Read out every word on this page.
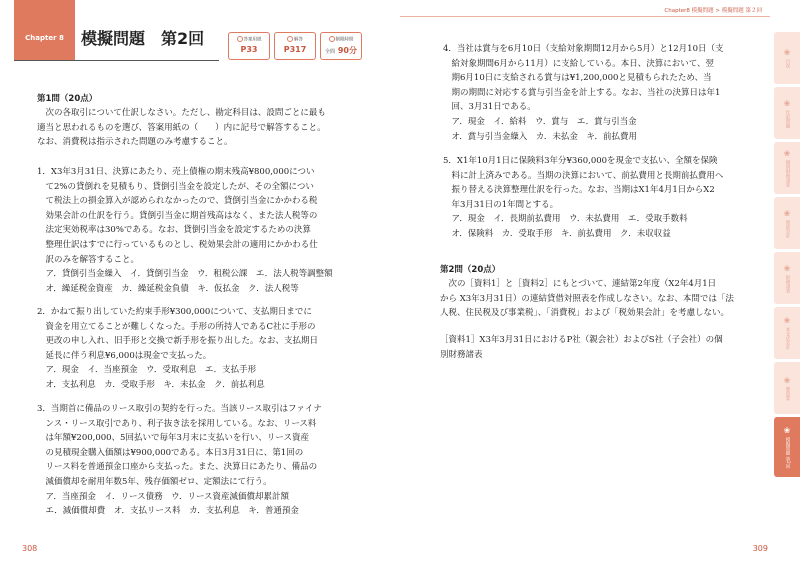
Chapter 8	模擬問題　第2回	答案用紙
P33
解答
P317
制限時間
全問 90分
第1問（20点）
　次の各取引について仕訳しなさい。ただし、勘定科目は、設問ごとに最も
適当と思われるものを選び、答案用紙の（　　）内に記号で解答すること。
なお、消費税は指示された問題のみ考慮すること。
1．X3年3月31日、決算にあたり、売上債権の期末残高¥800,000につい
　て2%の貸倒れを見積もり、貸倒引当金を設定したが、その全額につい
　て税法上の損金算入が認められなかったので、貸倒引当金にかかわる税
　効果会計の仕訳を行う。貸倒引当金に期首残高はなく、また法人税等の
　法定実効税率は30%である。なお、貸倒引当金を設定するための決算
　整理仕訳はすでに行っているものとし、税効果会計の適用にかかわる仕
　訳のみを解答すること。
　ア．貸倒引当金繰入　イ．貸倒引当金　ウ．租税公課　エ．法人税等調整額
　オ．繰延税金資産　カ．繰延税金負債　キ．仮払金　ク．法人税等
2．かねて振り出していた約束手形¥300,000について、支払期日までに
　資金を用立てることが難しくなった。手形の所持人であるC社に手形の
　更改の申し入れ、旧手形と交換で新手形を振り出した。なお、支払期日
　延長に伴う利息¥6,000は現金で支払った。
　ア．現金　イ．当座預金　ウ．受取利息　エ．支払手形
　オ．支払利息　カ．受取手形　キ．未払金　ク．前払利息
3．当期首に備品のリース取引の契約を行った。当該リース取引はファイナ
　ンス・リース取引であり、利子抜き法を採用している。なお、リース料
　は年額¥200,000、5回払いで毎年3月末に支払いを行い、リース資産
　の見積現金購入価額は¥900,000である。本日3月31日に、第1回の
　リース料を普通預金口座から支払った。また、決算日にあたり、備品の
　減価償却を耐用年数5年、残存価額ゼロ、定額法にて行う。
　ア．当座預金　イ．リース債務　ウ．リース資産減価償却累計額
　エ．減価償却費　オ．支払リース料　カ．支払利息　キ．普通預金
308
Chapter8 模擬問題 > 模擬問題 第２回
4．当社は賞与を6月10日（支給対象期間12月から5月）と12月10日（支
　給対象期間6月から11月）に支給している。本日、決算において、翌
　期6月10日に支給される賞与は¥1,200,000と見積もられたため、当
　期の期間に対応する賞与引当金を計上する。なお、当社の決算日は年1
　回、3月31日である。
　ア．現金　イ．給料　ウ．賞与　エ．賞与引当金
　オ．賞与引当金繰入　カ．未払金　キ．前払費用
5．X1年10月1日に保険料3年分¥360,000を現金で支払い、全額を保険
　料に計上済みである。当期の決算において、前払費用と長期前払費用へ
　振り替える決算整理仕訳を行った。なお、当期はX1年4月1日からX2
　年3月31日の1年間とする。
　ア．現金　イ．長期前払費用　ウ．未払費用　エ．受取手数料
　オ．保険料　カ．受取手形　キ．前払費用　ク．未収収益
第2問（20点）
　次の［資料1］と［資料2］にもとづいて、連結第2年度（X2年4月1日
から X3年3月31日）の連結貸借対照表を作成しなさい。なお、本問では「法
人税、住民税及び事業税」、「消費税」および「税効果会計」を考慮しない。
［資料1］X3年3月31日におけるP社（親会社）およびS社（子会社）の個
別財務諸表
❀
目次
❀
仕訳問題
❀
個別財務諸表
❀
連結会計
❀
財務諸表
❀
本支店会計
❀
製造業
❀
模擬問題 第2回
309
